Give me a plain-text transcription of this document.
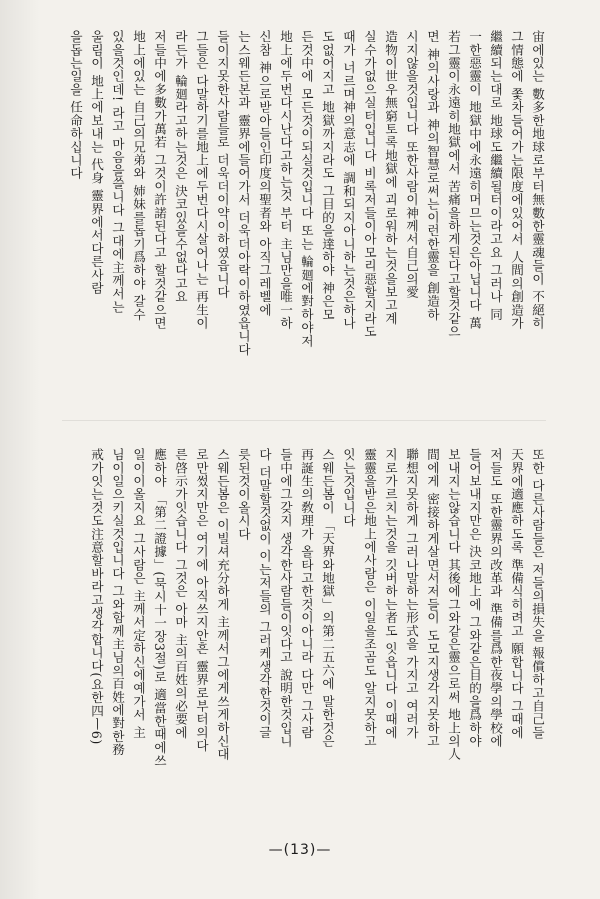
宙에있는 數多한地球로부터無數한靈魂들이 不絕히
그情態에 쫓차들어가는限度에있어서 人間의創造가
繼續되는대로 地球도繼續될터이라고요 그러나 同
一한惡靈이 地獄中에永遠히머므는것은아닙니다 萬
若그靈이永遠히地獄에서 苦痛을하게된다고할것같으
면 神의사랑과 神의智慧로써는이런한靈을 創造하
시지않을것입니다 또한사람이神께서自己의愛
造物이世우無窮토록地獄에 괴로워하는것을보고계
실수가없으실터입니다 비록저들이아모리惡할지라도
때가 너르며神의意志에 調和되지아니하는것은하나
도없어지고 地獄까지라도 그目的을達하야 神은모
든것中에 모든것이되실것입니다 또는 輪廻에對하야저
地上에두번다시난다고하는것 부터 主님만을唯一하
신참 神으로받아들인印度의聖者와 아직그레벨에
는스웨든본과 靈界에들어가서 더욱더아락이하였읍니다
들이지못한사람들로 더욱더이약이하였읍니다
그들은 다말하기를地上에두번다시살어나는 再生이
라든가 輪廻라고하는것은 決코있을수없다고요
저들中에多數가萬若 그것이許諾된다고 할것같으면
地上에있는 自己의兄弟와 姉妹를돕기爲하야 갈수
있을것인데! 라고 마음을쓸니다 그대에主께서는
울림이 地上에보내는 代身 靈界에서다른사람
을돕는일을 任命하십니다
또한 다른사람들은 저들의損失을 報償하고自己들
天界에適應하도록 準備식히려고 願합니다 그때에
저들도 또한靈界의改革과 準備를爲한夜學의學校에
들어보내지만은 決코地上에 그와같은目的을爲하야
보내지는않습니다 其後에그와같은靈으로써 地上의人
間에게 密接하게살면서저들이 도모지생각지못하고
聯想지못하게 그러나말하는形式을 가지고 여러가
지로가르치는것을 깃버하는者도 잇읍니다 이때에
靈靈을받은地上에사람은 이일을조곰도 알지못하고
잇는것입니다
스웨든봄이 「天界와地獄」의第二五六에 말한것은
再誕生의敎理가 올타고한것이아니라 다만 그사람
들中에그갖지 생각한사람들이잇다고 說明한것입니
다 더말할것없이 이는저들의 그러케생각한것이글
릇된것이올시다
스웨든봄은 이빌셔充分하게 主께서그에게쓰게하신대
로만썼지만은 여기에 아직쓰지안흔 靈界로부터의다
른啓示가잇습니다 그것은 아마 主의百姓의必要에
應하야 「第二證據」(묵시十一장3절)로 適當한때에쓰
일이이올지요 그사람은 主께서定하신에예가서 主
님이일으키실것입니다 그와함께主님의百姓에對한務
戒가잇는것도注意할바라고생각합니다(요한四ㅣ6)
—(13)—
